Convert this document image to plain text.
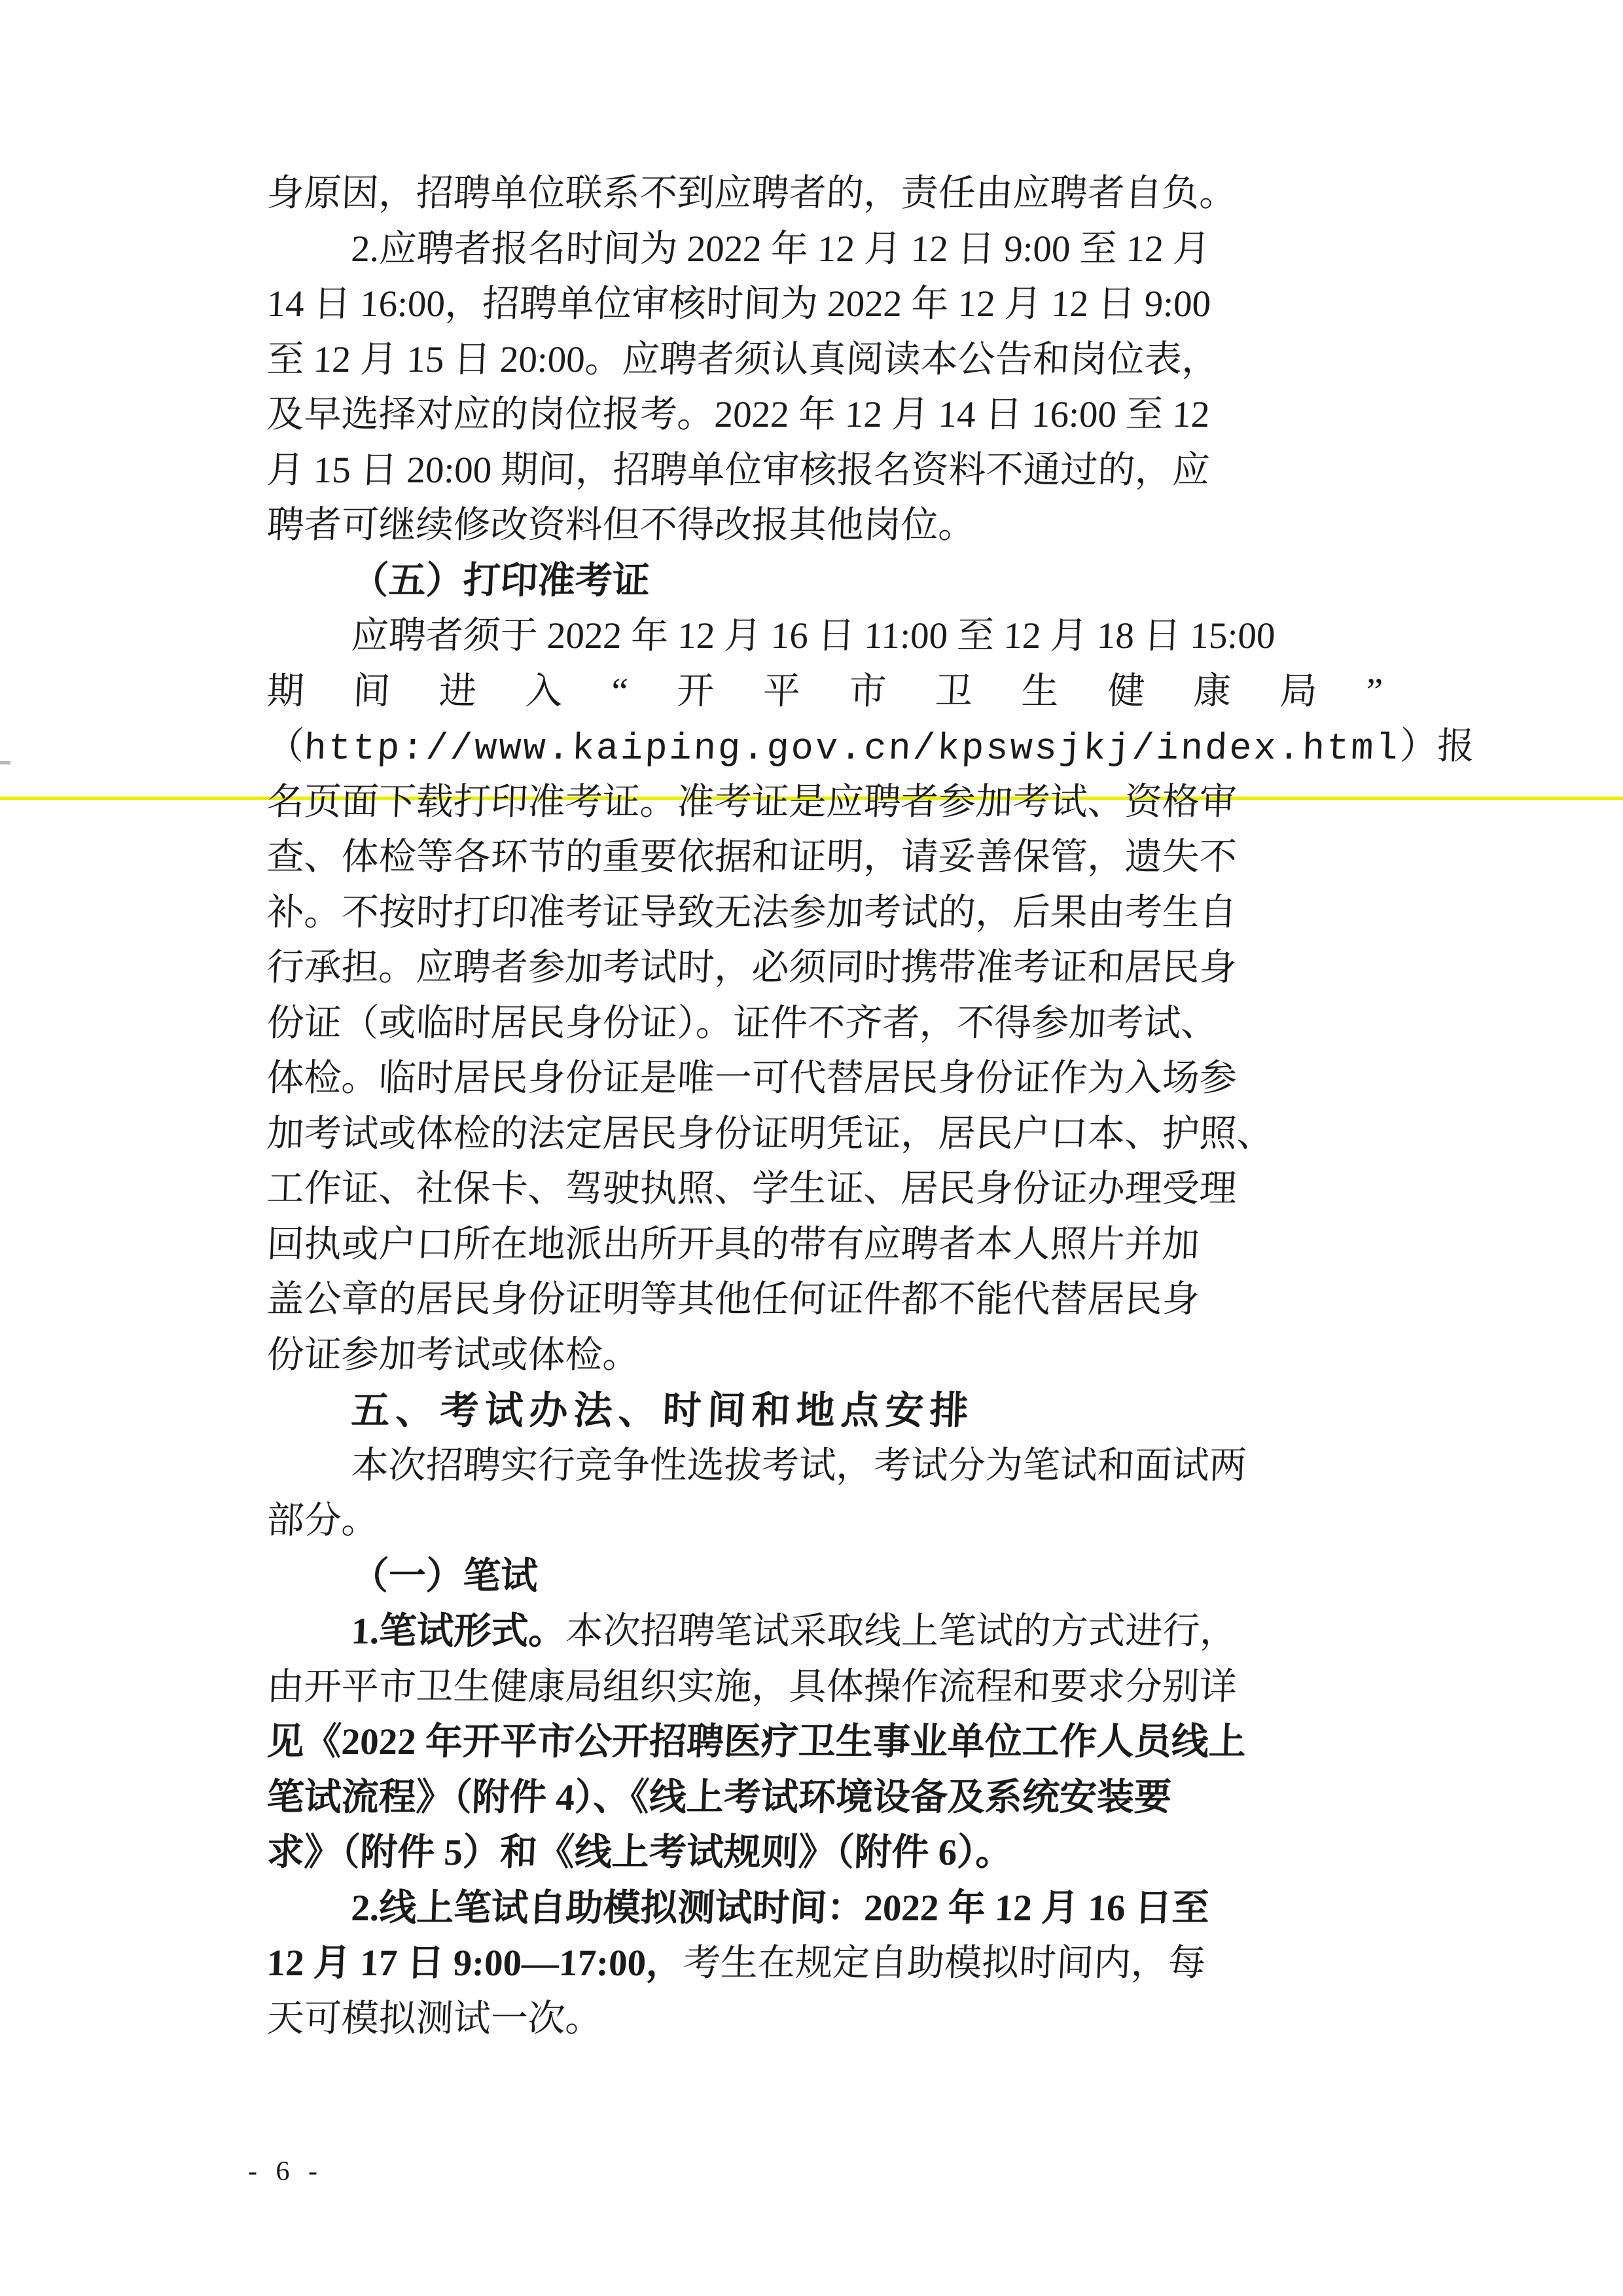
身原因，招聘单位联系不到应聘者的，责任由应聘者自负。
2.应聘者报名时间为 2022 年 12 月 12 日 9:00 至 12 月
14 日 16:00，招聘单位审核时间为 2022 年 12 月 12 日 9:00
至 12 月 15 日 20:00。应聘者须认真阅读本公告和岗位表，
及早选择对应的岗位报考。2022 年 12 月 14 日 16:00 至 12
月 15 日 20:00 期间，招聘单位审核报名资料不通过的，应
聘者可继续修改资料但不得改报其他岗位。
（五）打印准考证
应聘者须于 2022 年 12 月 16 日 11:00 至 12 月 18 日 15:00
期 间 进 入 “ 开 平 市 卫 生 健 康 局 ”
（http://www.kaiping.gov.cn/kpswsjkj/index.html）报
名页面下载打印准考证。准考证是应聘者参加考试、资格审
查、体检等各环节的重要依据和证明，请妥善保管，遗失不
补。不按时打印准考证导致无法参加考试的，后果由考生自
行承担。应聘者参加考试时，必须同时携带准考证和居民身
份证（或临时居民身份证）。证件不齐者，不得参加考试、
体检。临时居民身份证是唯一可代替居民身份证作为入场参
加考试或体检的法定居民身份证明凭证，居民户口本、护照、
工作证、社保卡、驾驶执照、学生证、居民身份证办理受理
回执或户口所在地派出所开具的带有应聘者本人照片并加
盖公章的居民身份证明等其他任何证件都不能代替居民身
份证参加考试或体检。
五、考试办法、时间和地点安排
本次招聘实行竞争性选拔考试，考试分为笔试和面试两
部分。
（一）笔试
1.笔试形式。本次招聘笔试采取线上笔试的方式进行，
由开平市卫生健康局组织实施，具体操作流程和要求分别详
见《2022 年开平市公开招聘医疗卫生事业单位工作人员线上
笔试流程》（附件 4）、《线上考试环境设备及系统安装要
求》（附件 5）和《线上考试规则》（附件 6）。
2.线上笔试自助模拟测试时间：2022 年 12 月 16 日至
12 月 17 日 9:00—17:00，考生在规定自助模拟时间内，每
天可模拟测试一次。
- 6 -
